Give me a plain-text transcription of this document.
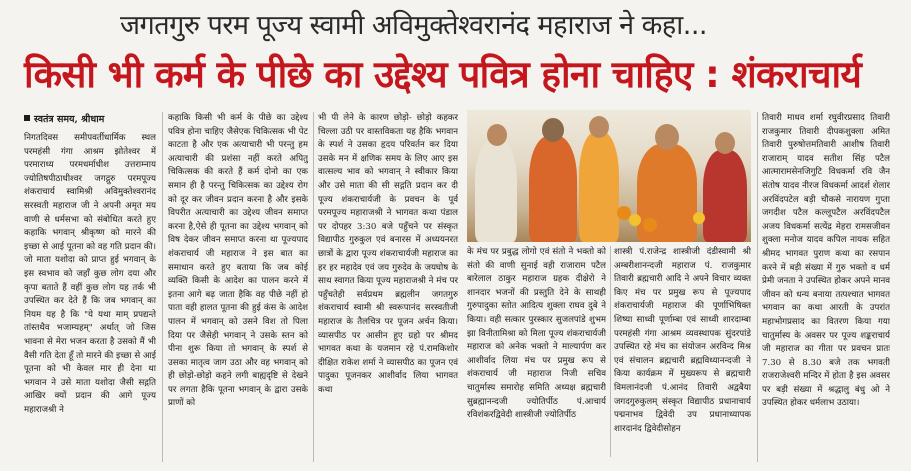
जगतगुरु परम पूज्य स्वामी अविमुक्तेश्वरानंद महाराज ने कहा...
किसी भी कर्म के पीछे का उद्देश्य पवित्र होना चाहिए : शंकराचार्य
स्वतंत्र समय, श्रीधाम

निगतदिवस समीपवर्तीधार्मिक स्थल परमहंसी गंगा आश्रम झोतेश्वर में परमाराध्य परमधर्माधीश उत्तराम्नाय ज्योतिषपीठाधीश्वर जगद्गुरु परमपूज्य शंकराचार्य स्वामिश्री अविमुक्तेश्वरानंद सरस्वती महाराज जी ने अपनी अमृत मय वाणी से धर्मसभा को संबोधित करते हुए कहाकि भगवान् श्रीकृष्ण को मारने की इच्छा से आई पूतना को वह गति प्रदान की। जो माता यशोदा को प्राप्त हुई भगवान् के इस स्वभाव को जहाँ कुछ लोग दया और कृपा बताते हैं वहीं कुछ लोग यह तर्क भी उपस्थित कर देते हैं कि जब भगवान् का नियम यह है कि "ये यथा माम् प्रपद्यन्ते तांस्तथैव भजाम्यहम्" अर्थात् जो जिस भावना से मेरा भजन करता है उसको मैं भी वैसी गति देता हूँ तो मारने की इच्छा से आई पूतना को भी केवल मार ही देना था भगवान ने उसे माता यशोदा जैसी सद्गति आखिर क्यों प्रदान की आगे पूज्य महाराजश्री ने

कहाकि किसी भी कर्म के पीछे का उद्देश्य पवित्र होना चाहिए जैसेएक चिकित्सक भी पेट काटता है और एक अत्याचारी भी परन्तु हम अत्याचारी की प्रशंसा नहीं करते अपितु चिकित्सक की करते हैं कर्म दोनो का एक समान ही है परन्तु चिकित्सक का उद्देश्य रोग को दूर कर जीवन प्रदान करना है और इसके विपरीत अत्याचारी का उद्देश्य जीवन समाप्त करना है,ऐसे ही पूतना का उद्देश्य भगवान् को विष देकर जीवन समाप्त करना था पूज्यपाद शंकराचार्य जी महाराज ने इस बात का समाधान करते हुए बताया कि जब कोई व्यक्ति किसी के आदेश का पालन करने में इतना आगे बढ़ जाता हैकि वह पीछे नहीं हो पाता वही हालत पूतना की हुई कंस के आदेश पालन में भगवान् को उसने विश तो पिला दिया पर जैसेही भगवान् ने उसके स्तन को पीना शुरू किया तो भगवान् के स्पर्श से उसका मातृत्व जाग उठा और वह भगवान् को ही छोड़ो-छोड़ो कहने लगी बाह्यदृष्टि से देखने पर लगता हैकि पूतना भगवान् के द्वारा उसके प्राणों को

भी पी लेने के कारण छोड़ो- छोड़ो कहकर चिल्ला उठी पर वास्तविकता यह हैकि भगवान के स्पर्श ने उसका हृदय परिवर्तन कर दिया उसके मन में क्षणिक समय के लिए आए इस वात्सल्य भाव को भगवान् ने स्वीकार किया और उसे माता की सी सद्गति प्रदान कर दी पूज्य शंकराचार्यजी के प्रवचन के पूर्व परमपूज्य महाराजश्री ने भागवत कथा पंडाल पर दोपहर 3:30 बजे पहुँचने पर संस्कृत विद्यापीठ गुरुकुल एवं बनारस में अध्ययनरत छात्रों के द्वारा पूज्य शंकराचार्यजी महाराज का हर हर महादेव एवं जय गुरुदेव के जयघोष के साथ स्वागत किया पूज्य महाराजश्री ने मंच पर पहुँचतेही सर्वप्रथम ब्रह्मलीन जगतगुरु शंकराचार्य स्वामी श्री स्वरूपानंद सरस्वतीजी महाराज के तैलचित्र पर पूजन अर्चन किया। व्यासपीठ पर आसीन हूए ग्रहो पर श्रीमद भागवत कथा के यजमान रहे पं.रामकिशोर दीक्षित राकेश शर्मा ने व्यासपीठ का पूजन एवं पादुका पूजनकर आशीर्वाद लिया भागवत कथा

के मंच पर प्रबुद्ध लोगो एवं संतो ने भक्तो को संतो की वाणी सुनाई वही राजाराम पटैल बारेलाल ठाकुर महाराज ग्रहक दीक्षेरो ने शानदार भजनों की प्रस्तुति देने के साथही गुरुपादुका स्तोत आदित्य शुक्ला राघव दुबे ने किया। वही सत्कार पुरस्कार सुजलपांडे शुभम झा विनीतामिश्रा को मिला पूज्य शंकराचार्यजी महाराज को अनेक भक्तो ने माल्यार्पण कर आशीर्वाद लिया मंच पर प्रमुख रूप से शंकराचार्य जी महाराज निजी सचिव चातुर्मास्य समारोह समिति अध्यक्ष ब्रह्मचारी सुब्रह्मानन्दजी ज्योतिर्पीठ पं.आचार्य रविशंकरद्विवेदी शास्त्रीजी ज्योतिर्पीठ

शास्त्री पं.राजेन्द्र शास्त्रीजी दंडीस्वामी श्री अम्बरीशानन्दजी महाराज पं. राजकुमार तिवारी ब्रह्मचारी आदि ने अपने विचार व्यक्त किए मंच पर प्रमुख रूप से पूज्यपाद शंकराचार्यजी महाराज की पूर्णाभिषिक्त शिष्या साध्वी पूर्णाम्बा एवं साध्वी शारदाम्बा परमहंसी गंगा आश्रम व्यवस्थापक सुंदरपांडे उपस्थित रहे मंच का संयोजन अरविन्द मिश्र एवं संचालन ब्रह्मचारी ब्रह्मविध्यानन्दजी ने किया कार्यक्रम में मुख्यरूप से ब्रह्मचारी विमलानंदजी पं.आनंद तिवारी अद्वबैया जगदगुरुकुलम् संस्कृत विद्यापीठ प्रधानाचार्य पद्मनाभव द्विवेदी उप प्रधानाध्यापक शारदानंद द्विवेदीसोहन

तिवारी माधव शर्मा रघुवीरप्रसाद तिवारी राजकुमार तिवारी दीपकशुक्ला अमित तिवारी पुरुषोत्तमतिवारी आशीष तिवारी राजाराम् यादव सतीश सिंह पटैल आत्मारामसेनजिगुटि विधकर्मा रवि जैन संतोष यादव नीरज विधकर्मा आदर्श शेलार अरविंदपटेल बड़ी चौकसे नारायण गुप्ता जगदीश पटैल कल्लूपटैल अरविंदपटैल अजय विधकर्मा सत्येंद्र मेहरा रामसजीवन शुक्ला मनोज यादव कपिल नायक सहित श्रीमद भागवत पुराण कथा का रसपान करने में बड़ी संख्या में गुरु भक्तो व धर्म प्रेमी जनता ने उपस्थित होकर अपने मानव जीवन को धन्य बनाया तत्पश्चात भागवत भगवान का कथा आरती के उपरांत महाभोगप्रसाद का वितरण किया गया चातुर्मास्य के अवसर पर पूज्य शङ्कराचार्य जी महाराज का गीता पर प्रवचन प्रातः 7.30 से 8.30 बजे तक भगवती राजराजेश्वरी मन्दिर में होता है इस अवसर पर बड़ी संख्या में श्रद्धालु बंधु ओ ने उपस्थित होकर धर्मलाभ उठाया।
